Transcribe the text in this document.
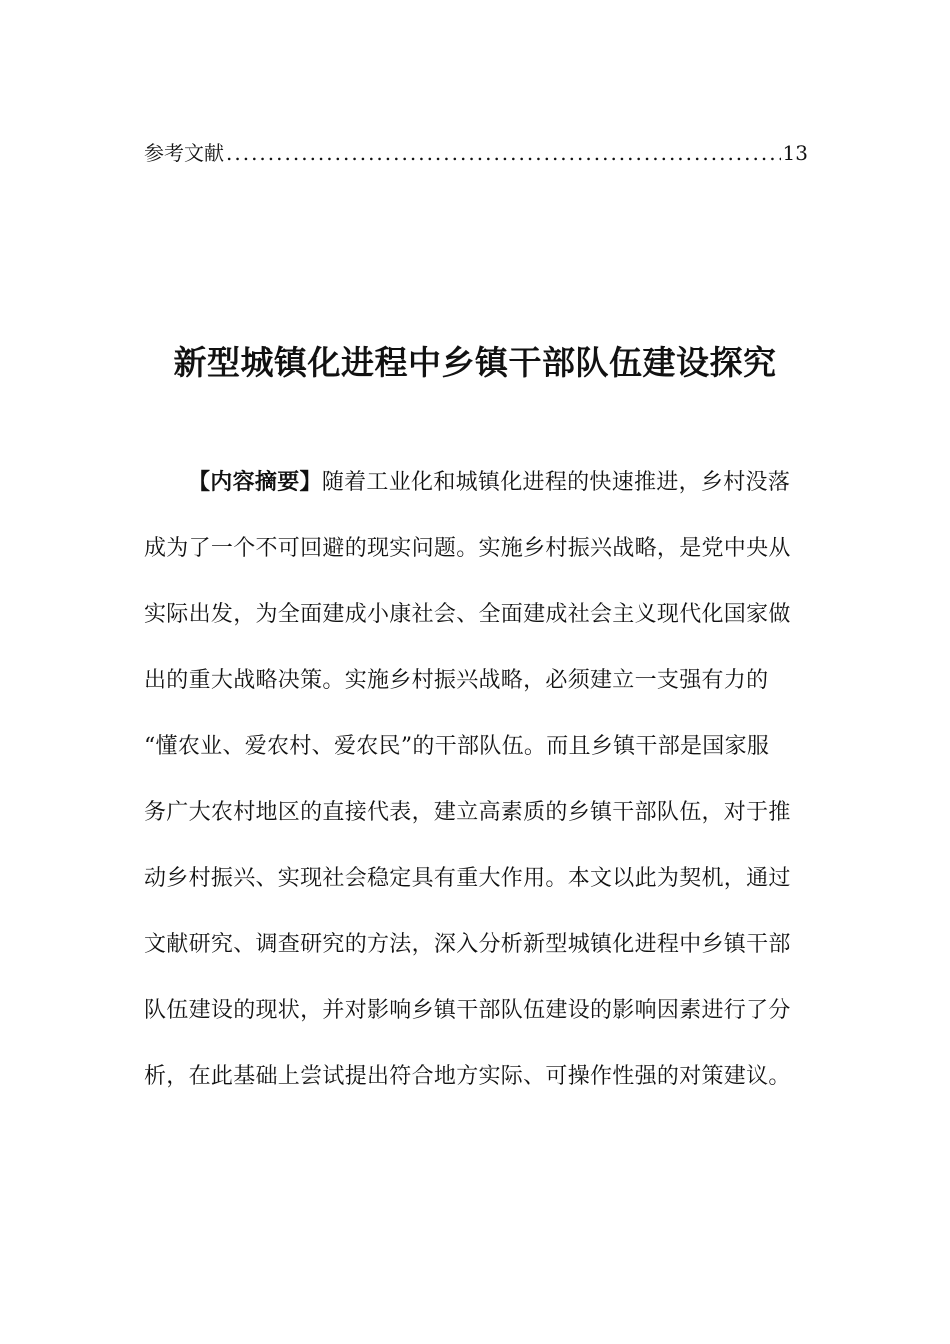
参考文献
.....	13
新型城镇化进程中乡镇干部队伍建设探究
【内容摘要】随着工业化和城镇化进程的快速推进，乡村没落
成为了一个不可回避的现实问题。实施乡村振兴战略，是党中央从
实际出发，为全面建成小康社会、全面建成社会主义现代化国家做
出的重大战略决策。实施乡村振兴战略，必须建立一支强有力的
“懂农业、爱农村、爱农民”的干部队伍。而且乡镇干部是国家服
务广大农村地区的直接代表，建立高素质的乡镇干部队伍，对于推
动乡村振兴、实现社会稳定具有重大作用。本文以此为契机，通过
文献研究、调查研究的方法，深入分析新型城镇化进程中乡镇干部
队伍建设的现状，并对影响乡镇干部队伍建设的影响因素进行了分
析，在此基础上尝试提出符合地方实际、可操作性强的对策建议。
